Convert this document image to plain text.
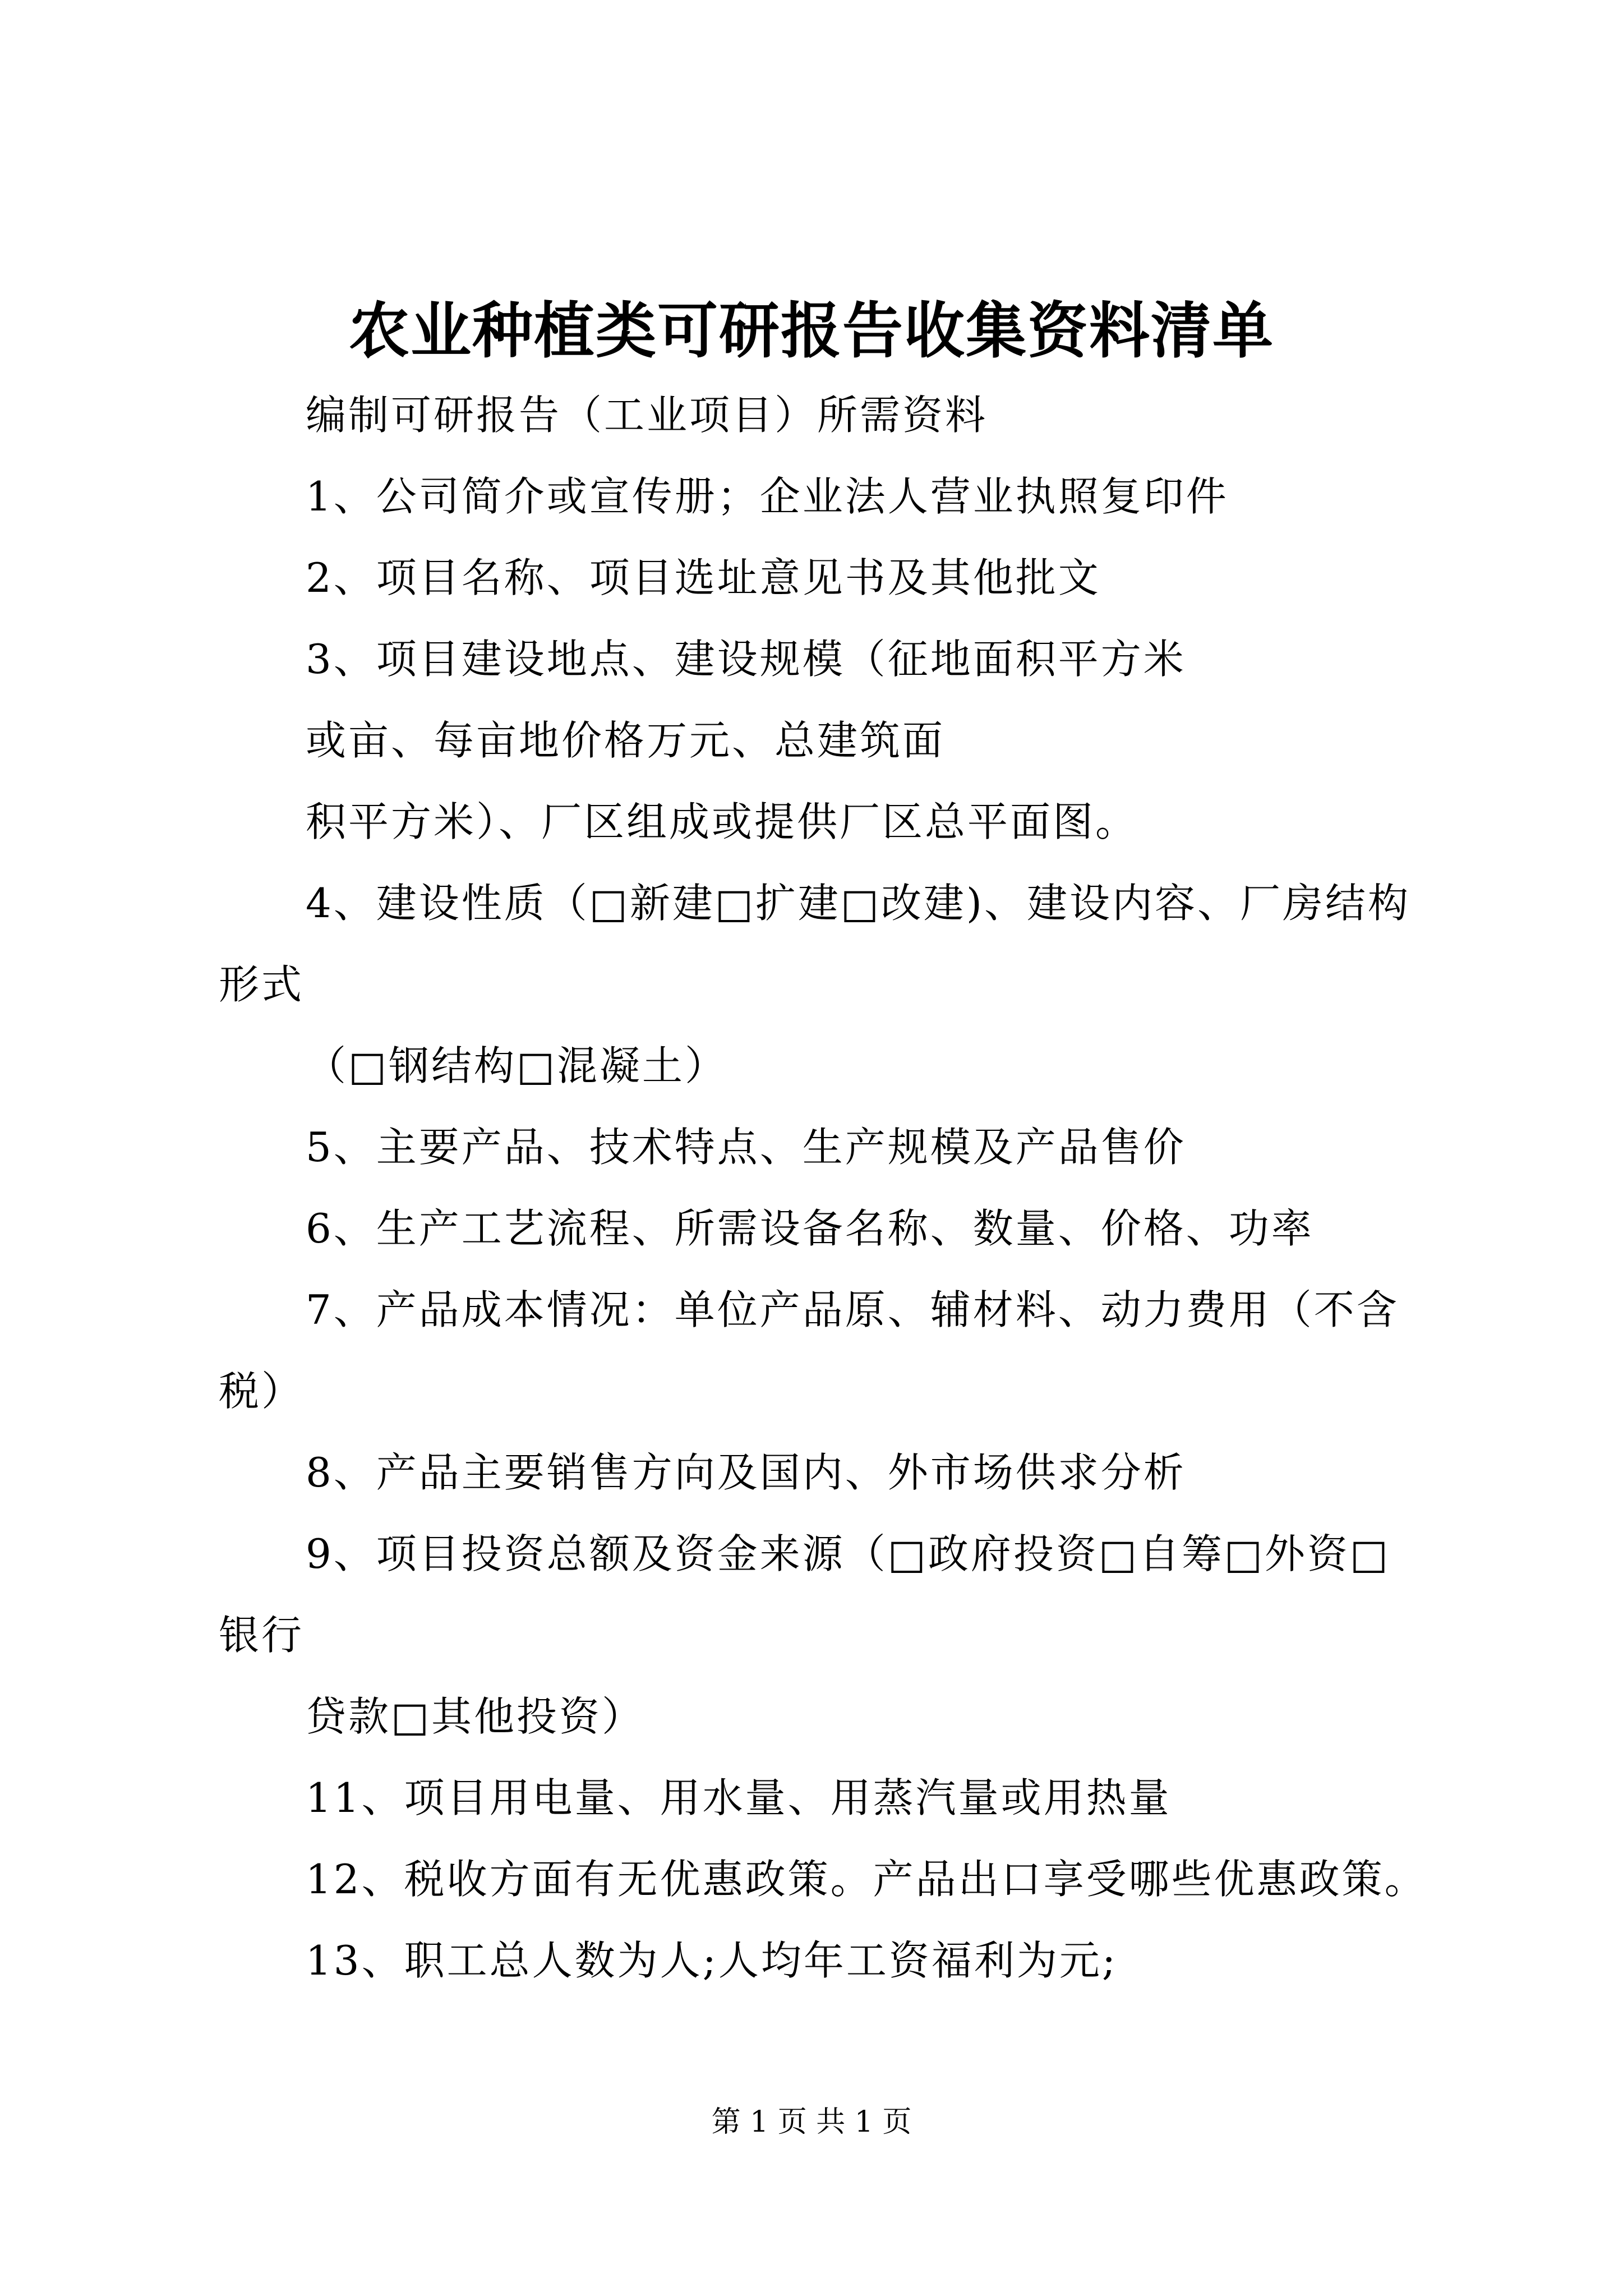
农业种植类可研报告收集资料清单
编制可研报告（工业项目）所需资料
1、公司简介或宣传册；企业法人营业执照复印件
2、项目名称、项目选址意见书及其他批文
3、项目建设地点、建设规模（征地面积平方米
或亩、每亩地价格万元、总建筑面
积平方米）、厂区组成或提供厂区总平面图。
4、建设性质（□新建□扩建□改建)、建设内容、厂房结构
形式
（□钢结构□混凝土）
5、主要产品、技术特点、生产规模及产品售价
6、生产工艺流程、所需设备名称、数量、价格、功率
7、产品成本情况：单位产品原、辅材料、动力费用（不含
税）
8、产品主要销售方向及国内、外市场供求分析
9、项目投资总额及资金来源（□政府投资□自筹□外资□
银行
贷款□其他投资）
11、项目用电量、用水量、用蒸汽量或用热量
12、税收方面有无优惠政策。产品出口享受哪些优惠政策。
13、职工总人数为人;人均年工资福利为元;
第 1 页 共 1 页
